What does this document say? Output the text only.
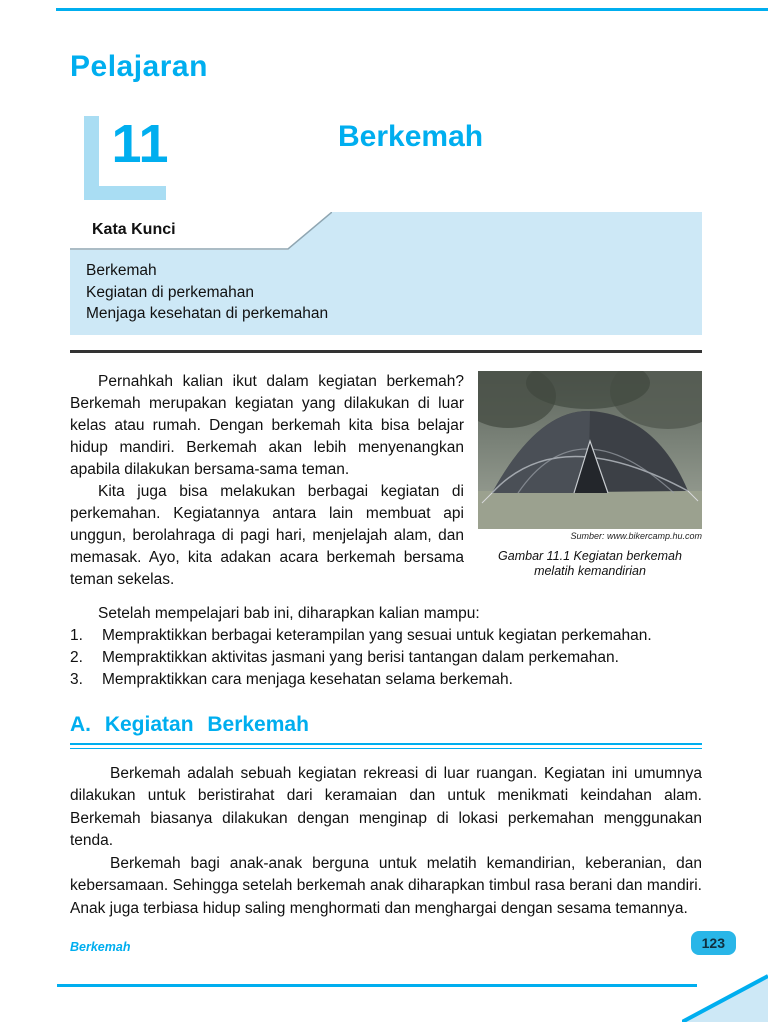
Pelajaran
11	Berkemah
Kata Kunci
Berkemah
Kegiatan di perkemahan
Menjaga kesehatan di perkemahan

Pernahkah kalian ikut dalam kegiatan berkemah? Berkemah merupakan kegiatan yang dilakukan di luar kelas atau rumah. Dengan berkemah kita bisa belajar hidup mandiri. Berkemah akan lebih menyenangkan apabila dilakukan bersama-sama teman.

Kita juga bisa melakukan berbagai kegiatan di perkemahan. Kegiatannya antara lain membuat api unggun, berolahraga di pagi hari, menjelajah alam, dan memasak. Ayo, kita adakan acara berkemah bersama teman sekelas.

Sumber: www.bikercamp.hu.com
Gambar 11.1 Kegiatan berkemah
melatih kemandirian

Setelah mempelajari bab ini, diharapkan kalian mampu:

1.	Mempraktikkan berbagai keterampilan yang sesuai untuk kegiatan perkemahan.
2.	Mempraktikkan aktivitas jasmani yang berisi tantangan dalam perkemahan.
3.	Mempraktikkan cara menjaga kesehatan selama berkemah.
A. Kegiatan Berkemah

Berkemah adalah sebuah kegiatan rekreasi di luar ruangan. Kegiatan ini umumnya dilakukan untuk beristirahat dari keramaian dan untuk menikmati keindahan alam. Berkemah biasanya dilakukan dengan menginap di lokasi perkemahan menggunakan tenda.

Berkemah bagi anak-anak berguna untuk melatih kemandirian, keberanian, dan kebersamaan. Sehingga setelah berkemah anak diharapkan timbul rasa berani dan mandiri. Anak juga terbiasa hidup saling menghormati dan menghargai dengan sesama temannya.

Berkemah	123
